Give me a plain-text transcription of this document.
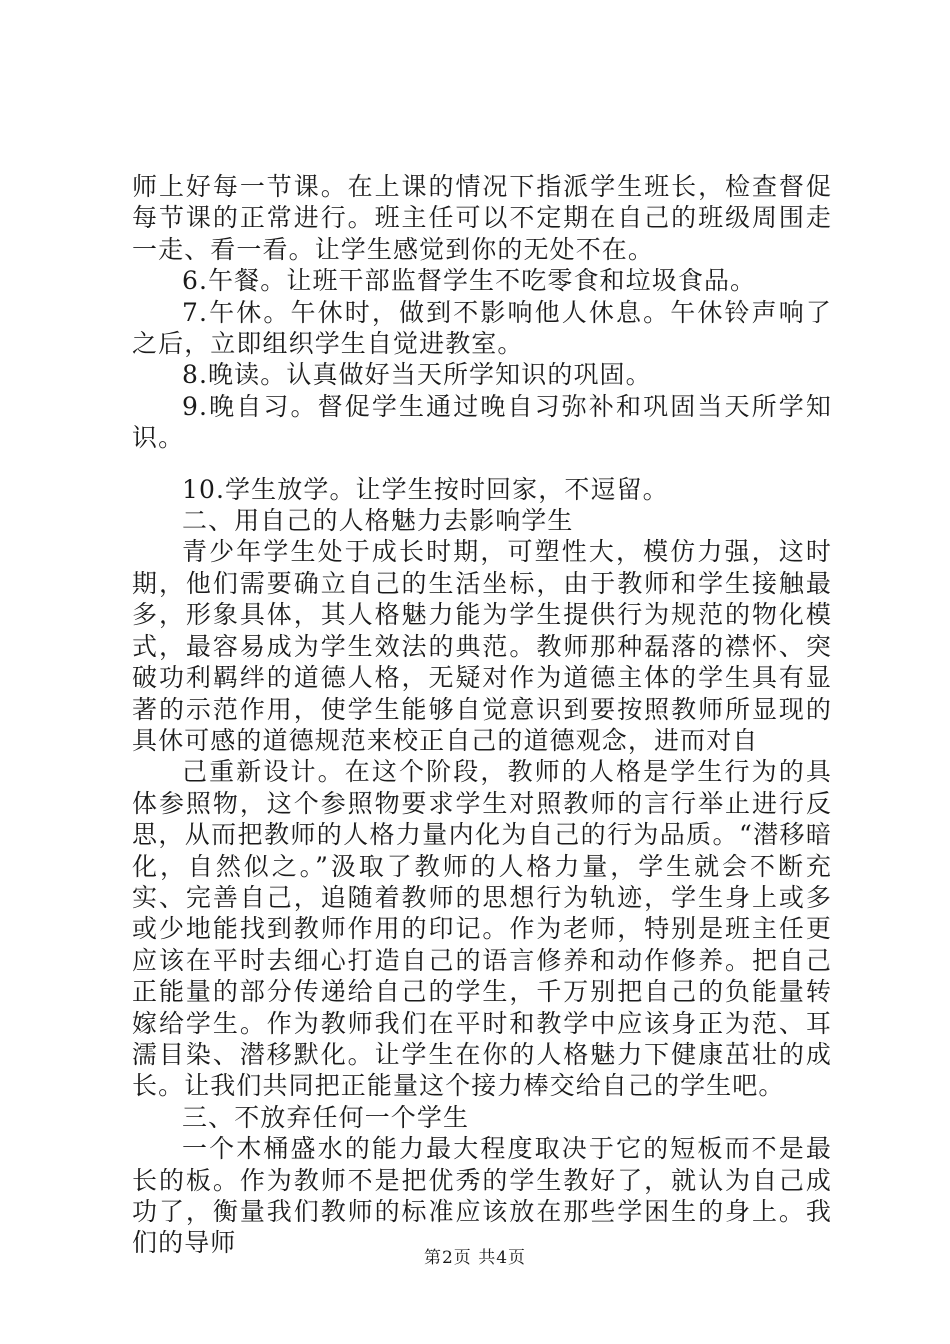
师上好每一节课。在上课的情况下指派学生班长，检查督促每节课的正常进行。班主任可以不定期在自己的班级周围走一走、看一看。让学生感觉到你的无处不在。

6.午餐。让班干部监督学生不吃零食和垃圾食品。

7.午休。午休时，做到不影响他人休息。午休铃声响了之后，立即组织学生自觉进教室。

8.晚读。认真做好当天所学知识的巩固。

9.晚自习。督促学生通过晚自习弥补和巩固当天所学知识。

10.学生放学。让学生按时回家，不逗留。

二、用自己的人格魅力去影响学生

青少年学生处于成长时期，可塑性大，模仿力强，这时期，他们需要确立自己的生活坐标，由于教师和学生接触最多，形象具体，其人格魅力能为学生提供行为规范的物化模式，最容易成为学生效法的典范。教师那种磊落的襟怀、突破功利羁绊的道德人格，无疑对作为道德主体的学生具有显著的示范作用，使学生能够自觉意识到要按照教师所显现的具休可感的道德规范来校正自己的道德观念，进而对自

己重新设计。在这个阶段，教师的人格是学生行为的具体参照物，这个参照物要求学生对照教师的言行举止进行反思，从而把教师的人格力量内化为自己的行为品质。“潜移暗化，自然似之。”汲取了教师的人格力量，学生就会不断充实、完善自己，追随着教师的思想行为轨迹，学生身上或多或少地能找到教师作用的印记。作为老师，特别是班主任更应该在平时去细心打造自己的语言修养和动作修养。把自己正能量的部分传递给自己的学生，千万别把自己的负能量转嫁给学生。作为教师我们在平时和教学中应该身正为范、耳濡目染、潜移默化。让学生在你的人格魅力下健康茁壮的成长。让我们共同把正能量这个接力棒交给自己的学生吧。

三、不放弃任何一个学生

一个木桶盛水的能力最大程度取决于它的短板而不是最长的板。作为教师不是把优秀的学生教好了，就认为自己成功了，衡量我们教师的标准应该放在那些学困生的身上。我们的导师

第2页 共4页
